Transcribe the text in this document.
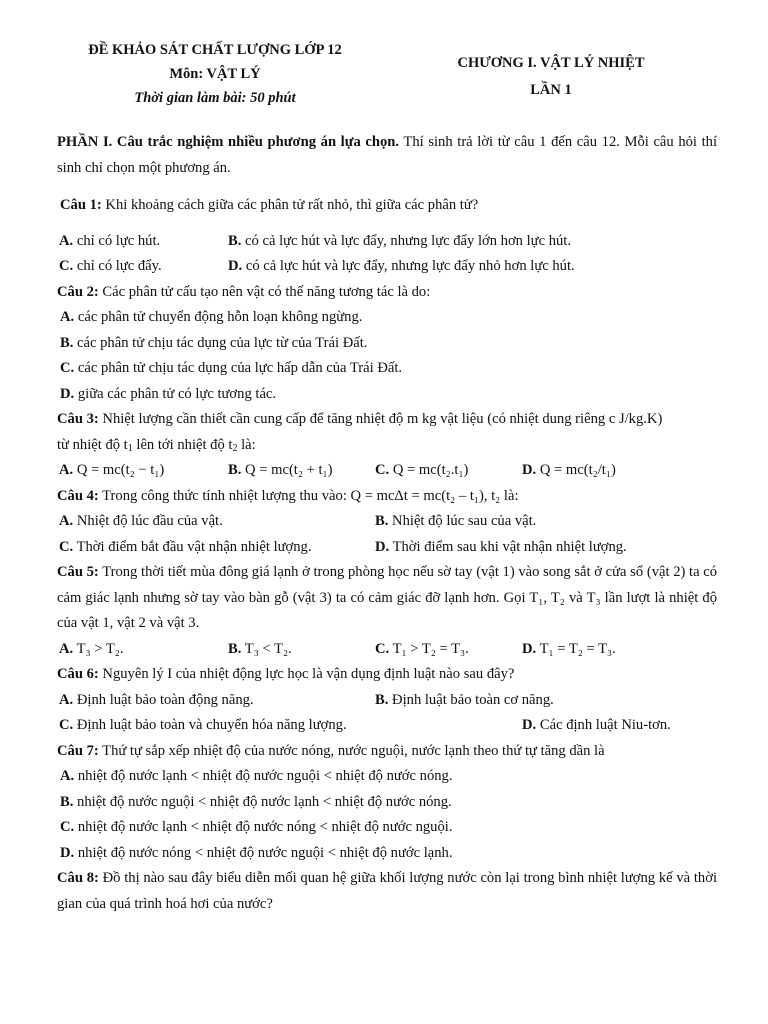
ĐỀ KHẢO SÁT CHẤT LƯỢNG LỚP 12
Môn: VẬT LÝ
Thời gian làm bài: 50 phút
CHƯƠNG I. VẬT LÝ NHIỆT
LẦN 1
PHẦN I. Câu trắc nghiệm nhiều phương án lựa chọn. Thí sinh trả lời từ câu 1 đến câu 12. Mỗi câu hỏi thí sinh chỉ chọn một phương án.
Câu 1: Khi khoảng cách giữa các phân tử rất nhỏ, thì giữa các phân tử?
A. chỉ có lực hút.	B. có cả lực hút và lực đẩy, nhưng lực đẩy lớn hơn lực hút.
C. chỉ có lực đẩy.	D. có cả lực hút và lực đẩy, nhưng lực đẩy nhỏ hơn lực hút.
Câu 2: Các phân tử cấu tạo nên vật có thế năng tương tác là do:
A. các phân tử chuyển động hỗn loạn không ngừng.
B. các phân tử chịu tác dụng của lực từ của Trái Đất.
C. các phân tử chịu tác dụng của lực hấp dẫn của Trái Đất.
D. giữa các phân tử có lực tương tác.
Câu 3: Nhiệt lượng cần thiết cần cung cấp để tăng nhiệt độ m kg vật liệu (có nhiệt dung riêng c J/kg.K)
từ nhiệt độ $t_1$ lên tới nhiệt độ $t_2$ là:
A. Q = mc(t₂ − t₁)	B. Q = mc(t₂ + t₁)	C. Q = mc(t₂.t₁)	D. Q = mc(t₂/t₁)
Câu 4: Trong công thức tính nhiệt lượng thu vào: Q = mcΔt = mc(t₂ – t₁), t₂ là:
A. Nhiệt độ lúc đầu của vật.	B. Nhiệt độ lúc sau của vật.
C. Thời điểm bắt đầu vật nhận nhiệt lượng.	D. Thời điểm sau khi vật nhận nhiệt lượng.
Câu 5: Trong thời tiết mùa đông giá lạnh ở trong phòng học nếu sờ tay (vật 1) vào song sắt ở cửa sổ (vật 2) ta có cảm giác lạnh nhưng sờ tay vào bàn gỗ (vật 3) ta có cảm giác đỡ lạnh hơn. Gọi T₁, T₂ và T₃ lần lượt là nhiệt độ của vật 1, vật 2 và vật 3.
A. T₃ > T₂.	B. T₃ < T₂.	C. T₁ > T₂ = T₃.	D. T₁ = T₂ = T₃.
Câu 6: Nguyên lý I của nhiệt động lực học là vận dụng định luật nào sau đây?
A. Định luật bảo toàn động năng.	B. Định luật bảo toàn cơ năng.
C. Định luật bảo toàn và chuyển hóa năng lượng.	D. Các định luật Niu-tơn.
Câu 7: Thứ tự sắp xếp nhiệt độ của nước nóng, nước nguội, nước lạnh theo thứ tự tăng dần là
A. nhiệt độ nước lạnh < nhiệt độ nước nguội < nhiệt độ nước nóng.
B. nhiệt độ nước nguội < nhiệt độ nước lạnh < nhiệt độ nước nóng.
C. nhiệt độ nước lạnh < nhiệt độ nước nóng < nhiệt độ nước nguội.
D. nhiệt độ nước nóng < nhiệt độ nước nguội < nhiệt độ nước lạnh.
Câu 8: Đồ thị nào sau đây biểu diễn mối quan hệ giữa khối lượng nước còn lại trong bình nhiệt lượng kế và thời gian của quá trình hoá hơi của nước?
